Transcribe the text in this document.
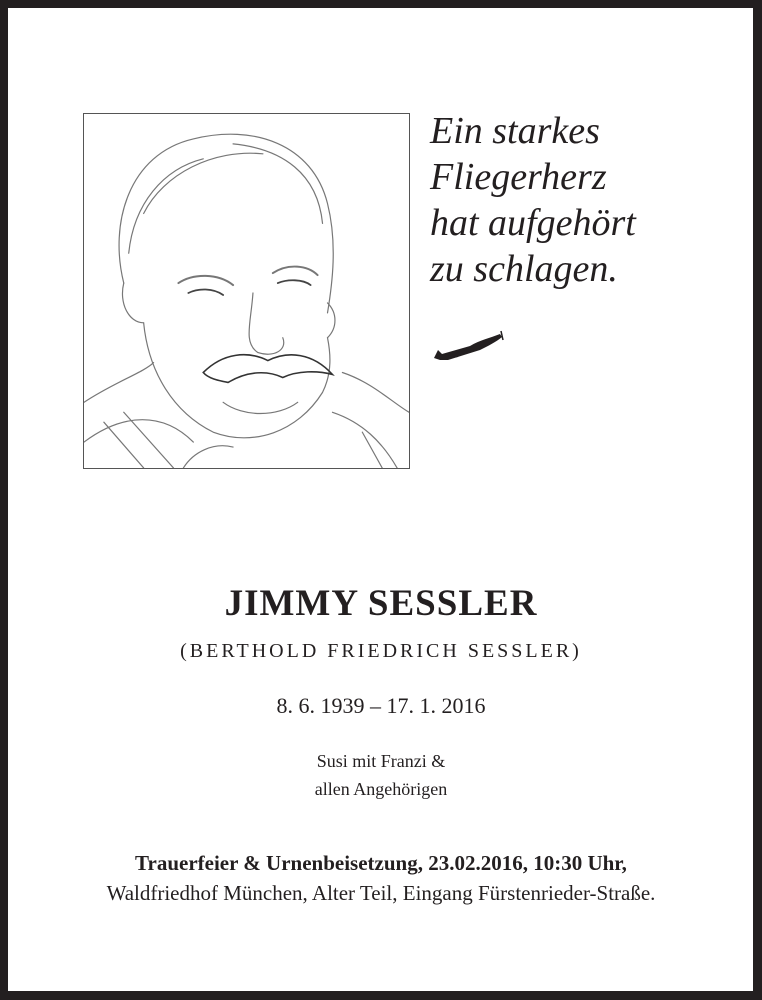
Ein starkes
Fliegerherz
hat aufgehört
zu schlagen.
JIMMY SESSLER
(BERTHOLD FRIEDRICH SESSLER)
8. 6. 1939 – 17. 1. 2016
Susi mit Franzi &
allen Angehörigen
Trauerfeier & Urnenbeisetzung, 23.02.2016, 10:30 Uhr,
Waldfriedhof München, Alter Teil, Eingang Fürstenrieder-Straße.
